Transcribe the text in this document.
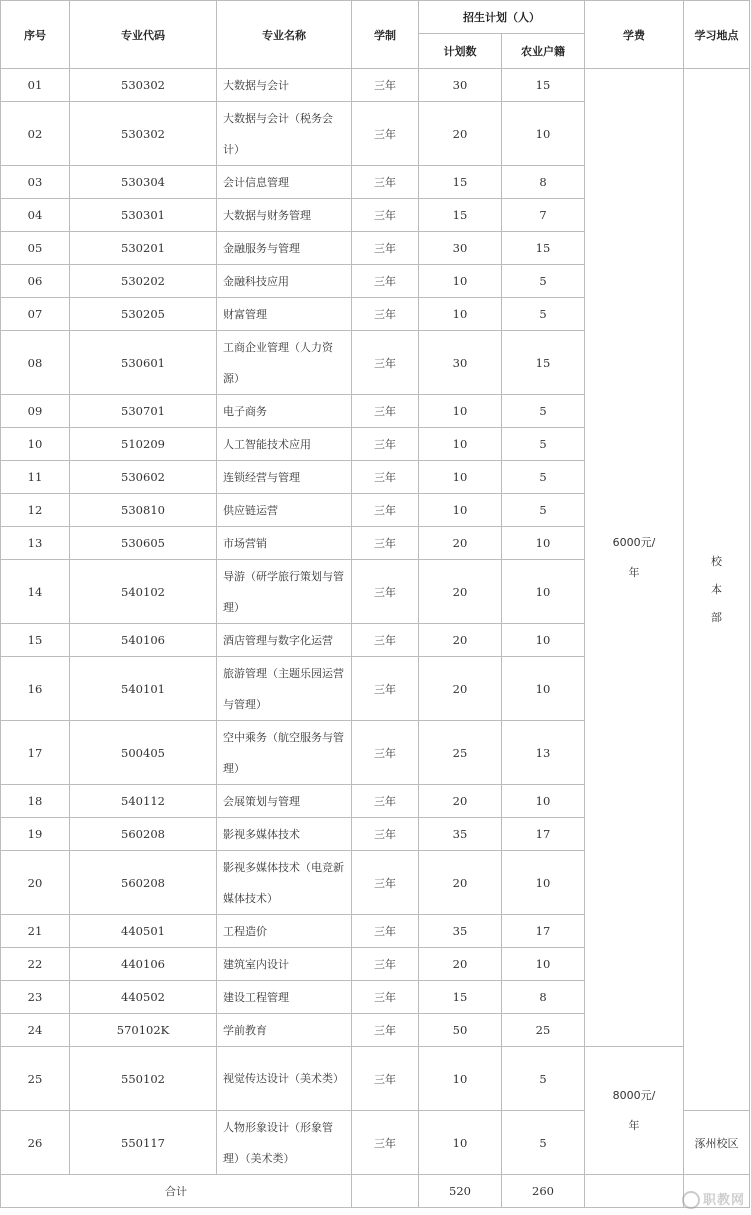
序号	专业代码	专业名称	学制	招生计划（人）		学费	学习地点
				计划数	农业户籍		
01	530302	大数据与会计	三年	30	15	6000元/年	校本部
02	530302	大数据与会计（税务会计）	三年	20	10		
03	530304	会计信息管理	三年	15	8		
04	530301	大数据与财务管理	三年	15	7		
05	530201	金融服务与管理	三年	30	15		
06	530202	金融科技应用	三年	10	5		
07	530205	财富管理	三年	10	5		
08	530601	工商企业管理（人力资源）	三年	30	15		
09	530701	电子商务	三年	10	5		
10	510209	人工智能技术应用	三年	10	5		
11	530602	连锁经营与管理	三年	10	5		
12	530810	供应链运营	三年	10	5		
13	530605	市场营销	三年	20	10		
14	540102	导游（研学旅行策划与管理）	三年	20	10		
15	540106	酒店管理与数字化运营	三年	20	10		
16	540101	旅游管理（主题乐园运营与管理）	三年	20	10		
17	500405	空中乘务（航空服务与管理）	三年	25	13		
18	540112	会展策划与管理	三年	20	10		
19	560208	影视多媒体技术	三年	35	17		
20	560208	影视多媒体技术（电竞新媒体技术）	三年	20	10		
21	440501	工程造价	三年	35	17		
22	440106	建筑室内设计	三年	20	10		
23	440502	建设工程管理	三年	15	8		
24	570102K	学前教育	三年	50	25		
25	550102	视觉传达设计（美术类）	三年	10	5	8000元/年	
26	550117	人物形象设计（形象管理）（美术类）	三年	10	5		涿州校区
合计				520	260		
职教网
